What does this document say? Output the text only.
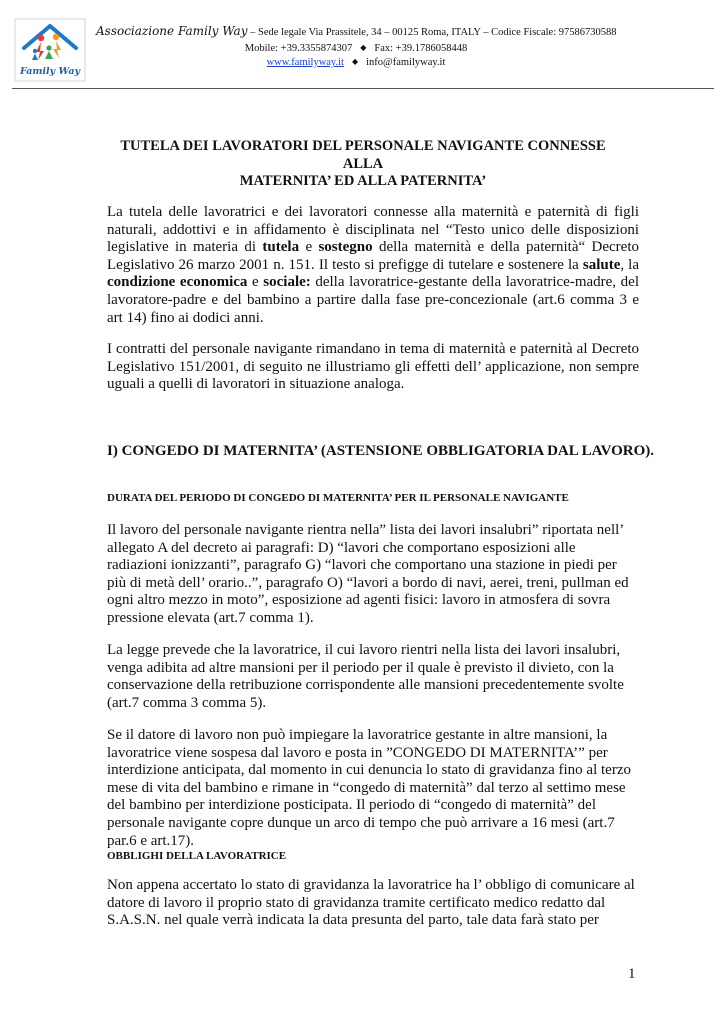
Family Way
Associazione Family Way – Sede legale Via Prassitele, 34 – 00125 Roma, ITALY – Codice Fiscale: 97586730588
Mobile: +39.3355874307 ◆ Fax: +39.1786058448
www.familyway.it ◆ info@familyway.it
TUTELA DEI LAVORATORI DEL PERSONALE NAVIGANTE CONNESSE ALLA
MATERNITA’ ED ALLA PATERNITA’
La tutela delle lavoratrici e dei lavoratori connesse alla maternità e paternità di figli naturali, addottivi e in affidamento è disciplinata nel “Testo unico delle disposizioni legislative in materia di tutela e sostegno della maternità e della paternità“ Decreto Legislativo 26 marzo 2001 n. 151. Il testo si prefigge di tutelare e sostenere la salute, la condizione economica e sociale: della lavoratrice-gestante della lavoratrice-madre, del lavoratore-padre e del bambino a partire dalla fase pre-concezionale (art.6 comma 3 e art 14) fino ai dodici anni.
I contratti del personale navigante rimandano in tema di maternità e paternità al Decreto Legislativo 151/2001, di seguito ne illustriamo gli effetti dell’ applicazione, non sempre uguali a quelli di lavoratori in situazione analoga.
I) CONGEDO DI MATERNITA’ (ASTENSIONE OBBLIGATORIA DAL LAVORO).
DURATA DEL PERIODO DI CONGEDO DI MATERNITA’ PER IL PERSONALE NAVIGANTE
Il lavoro del personale navigante rientra nella” lista dei lavori insalubri” riportata nell’ allegato A del decreto ai paragrafi: D) “lavori che comportano esposizioni alle radiazioni ionizzanti”, paragrafo G) “lavori che comportano una stazione in piedi per più di metà dell’ orario..”, paragrafo O) “lavori a bordo di navi, aerei, treni, pullman ed ogni altro mezzo in moto”, esposizione ad agenti fisici: lavoro in atmosfera di sovra pressione elevata (art.7 comma 1).
La legge prevede che la lavoratrice, il cui lavoro rientri nella lista dei lavori insalubri, venga adibita ad altre mansioni per il periodo per il quale è previsto il divieto, con la conservazione della retribuzione corrispondente alle mansioni precedentemente svolte (art.7 comma 3 comma 5).
Se il datore di lavoro non può impiegare la lavoratrice gestante in altre mansioni, la lavoratrice viene sospesa dal lavoro e posta in ”CONGEDO DI MATERNITA’” per interdizione anticipata, dal momento in cui denuncia lo stato di gravidanza fino al terzo mese di vita del bambino e rimane in “congedo di maternità” dal terzo al settimo mese del bambino per interdizione posticipata. Il periodo di “congedo di maternità” del personale navigante copre dunque un arco di tempo che può arrivare a 16 mesi (art.7 par.6 e art.17).
OBBLIGHI DELLA LAVORATRICE
Non appena accertato lo stato di gravidanza la lavoratrice ha l’ obbligo di comunicare al datore di lavoro il proprio stato di gravidanza tramite certificato medico redatto dal S.A.S.N. nel quale verrà indicata la data presunta del parto, tale data farà stato per
1
